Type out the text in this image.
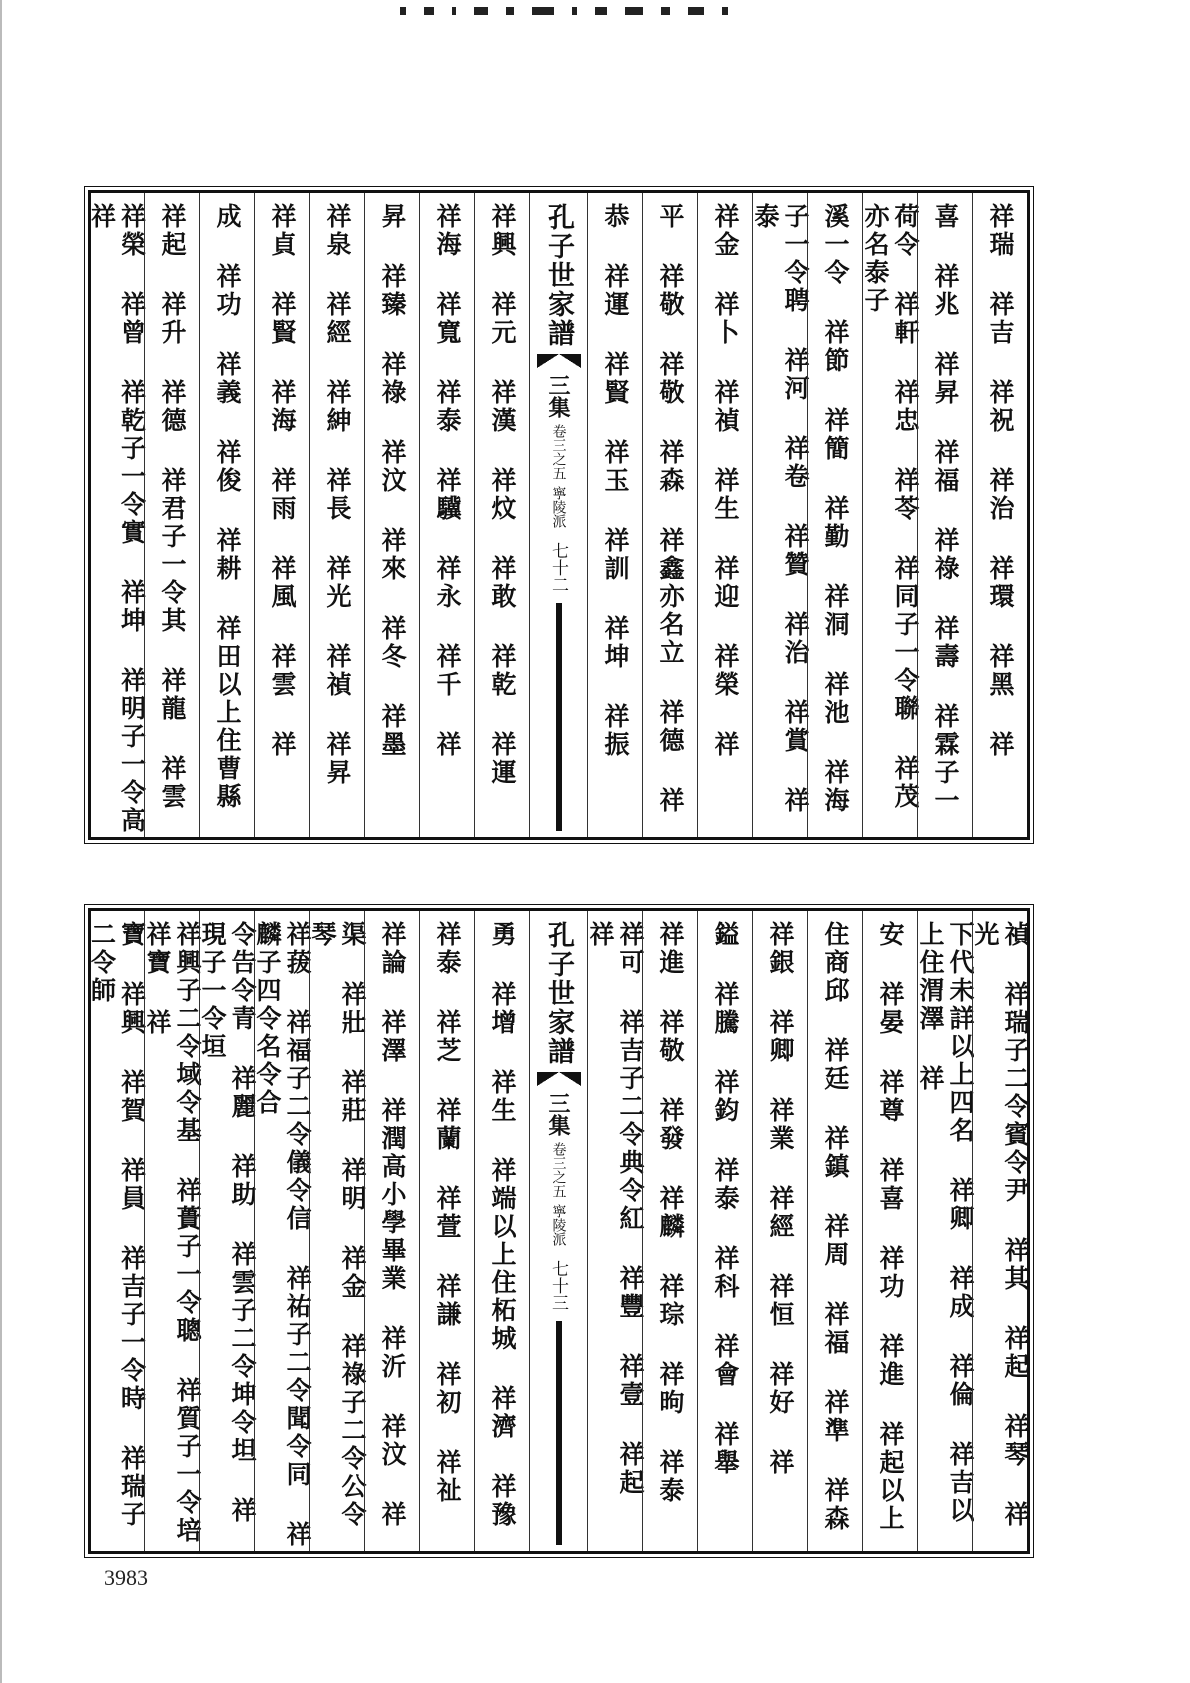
祥瑞 祥吉 祥祝 祥治 祥環 祥黑 祥
喜 祥兆 祥昇 祥福 祥祿 祥壽 祥霖子一
荷令 祥軒 祥忠 祥苓 祥同子一令聯 祥茂亦名泰子
溪一令 祥節 祥簡 祥勤 祥洞 祥池 祥海
子一令聘 祥河 祥卷 祥贊 祥治 祥賞 祥泰
祥金 祥卜 祥禎 祥生 祥迎 祥榮 祥
平 祥敬 祥敬 祥森 祥鑫亦名立 祥德 祥
恭 祥運 祥賢 祥玉 祥訓 祥坤 祥振
孔子世家譜
三集
卷三之五
寧陵派
七十二
祥興 祥元 祥漢 祥炆 祥敢 祥乾 祥運
祥海 祥寬 祥泰 祥驥 祥永 祥千 祥
昇 祥臻 祥祿 祥汶 祥來 祥冬 祥墨
祥泉 祥經 祥紳 祥長 祥光 祥禎 祥昇
祥貞 祥賢 祥海 祥雨 祥風 祥雲 祥
成 祥功 祥義 祥俊 祥耕 祥田以上住曹縣
祥起 祥升 祥德 祥君子一令其 祥龍 祥雲
祥榮 祥曾 祥乾子一令實 祥坤 祥明子一令高 祥
禎 祥瑞子二令賓令尹 祥其 祥起 祥琴 祥光
下代未詳以上四名 祥卿 祥成 祥倫 祥吉以上住渭澤 祥
安 祥晏 祥尊 祥喜 祥功 祥進 祥起以上
住商邱 祥廷 祥鎮 祥周 祥福 祥準 祥森
祥銀 祥卿 祥業 祥經 祥恒 祥好 祥
鎰 祥騰 祥鈞 祥泰 祥科 祥會 祥舉
祥進 祥敬 祥發 祥麟 祥琮 祥昫 祥泰
祥可 祥吉子二令典令紅 祥豐 祥壹 祥起 祥
孔子世家譜
三集
卷三之五
寧陵派
七十三
勇 祥增 祥生 祥端以上住柘城 祥濟 祥豫
祥泰 祥芝 祥蘭 祥萱 祥謙 祥初 祥祉
祥論 祥澤 祥潤高小學畢業 祥沂 祥汶 祥
渠 祥壯 祥莊 祥明 祥金 祥祿子二令公令琴
祥菝 祥福子二令儀令信 祥祐子二令聞令同 祥麟子四令名令合
令告令青 祥麗 祥助 祥雲子二令坤令坦 祥現子一令垣
祥興子二令域令基 祥蕢子一令聰 祥質子一令培 祥寶 祥
寶 祥興 祥賀 祥員 祥吉子一令時 祥瑞子二令師
3983
